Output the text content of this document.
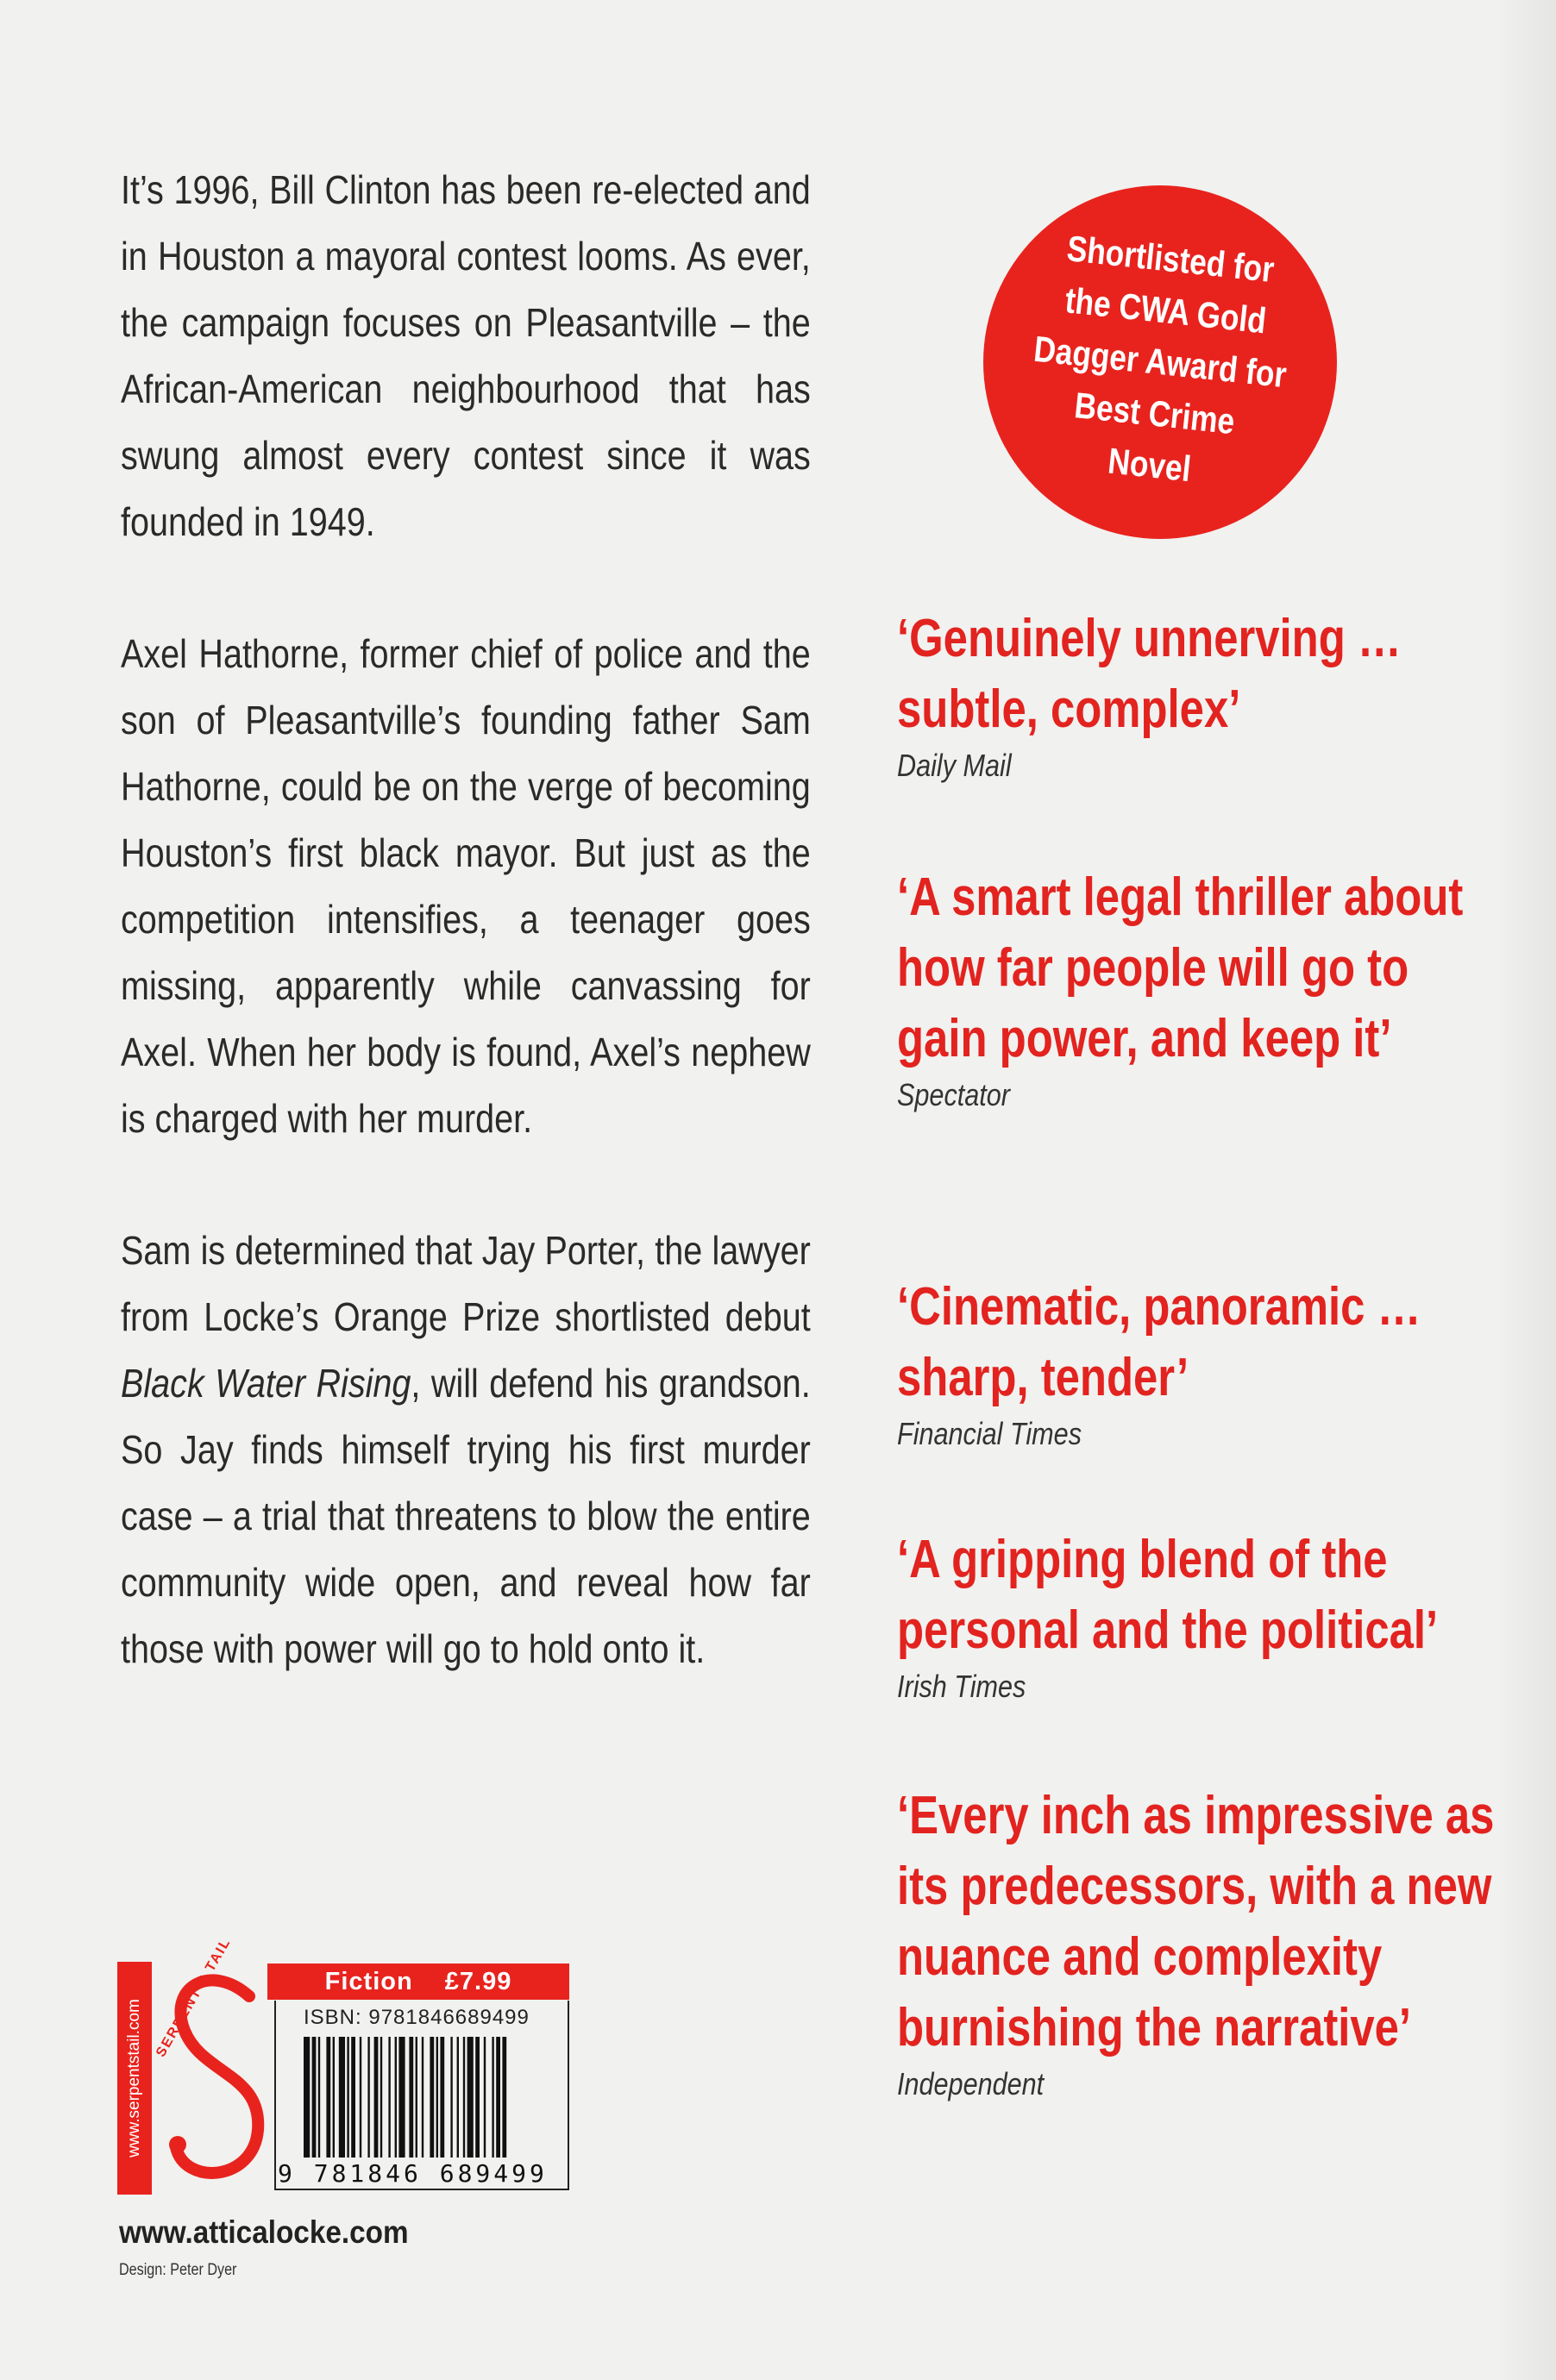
It’s 1996, Bill Clinton has been re-elected and in Houston a mayoral contest looms. As ever, the campaign focuses on Pleasantville – the African-American neighbourhood that has swung almost every contest since it was founded in 1949.

Axel Hathorne, former chief of police and the son of Pleasantville’s founding father Sam Hathorne, could be on the verge of becoming Houston’s first black mayor. But just as the competition intensifies, a teenager goes missing, apparently while canvassing for Axel. When her body is found, Axel’s nephew is charged with her murder.

Sam is determined that Jay Porter, the lawyer from Locke’s Orange Prize shortlisted debut Black Water Rising, will defend his grandson. So Jay finds himself trying his first murder case – a trial that threatens to blow the entire community wide open, and reveal how far those with power will go to hold onto it.

Shortlisted for
the CWA Gold
Dagger Award for
Best Crime
Novel
‘Genuinely unnerving … subtle, complex’
Daily Mail
‘A smart legal thriller about how far people will go to gain power, and keep it’
Spectator
‘Cinematic, panoramic … sharp, tender’
Financial Times
‘A gripping blend of the personal and the political’
Irish Times
‘Every inch as impressive as its predecessors, with a new nuance and complexity burnishing the narrative’
Independent
www.serpentstail.com
SERPENT'S TAIL	Fiction £7.99
ISBN: 9781846689499
9 781846 689499
www.atticalocke.com
Design: Peter Dyer
